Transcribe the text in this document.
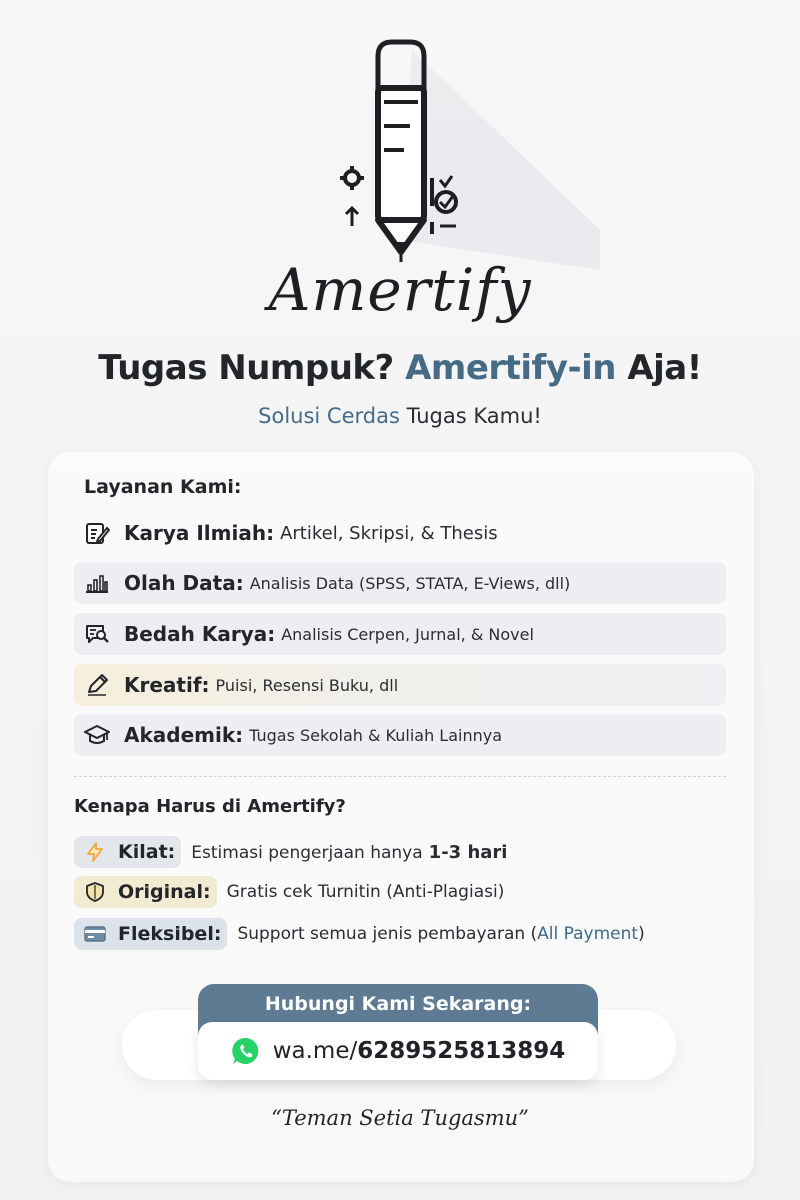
Amertify
Tugas Numpuk? Amertify-in Aja!
Solusi Cerdas Tugas Kamu!
Layanan Kami:
Karya Ilmiah: Artikel, Skripsi, & Thesis
Olah Data: Analisis Data (SPSS, STATA, E-Views, dll)
Bedah Karya: Analisis Cerpen, Jurnal, & Novel
Kreatif: Puisi, Resensi Buku, dll
Akademik: Tugas Sekolah & Kuliah Lainnya
Kenapa Harus di Amertify?
Kilat: Estimasi pengerjaan hanya 1-3 hari
Original: Gratis cek Turnitin (Anti-Plagiasi)
Fleksibel: Support semua jenis pembayaran (All Payment)
Hubungi Kami Sekarang:
wa.me/6289525813894
“Teman Setia Tugasmu”
